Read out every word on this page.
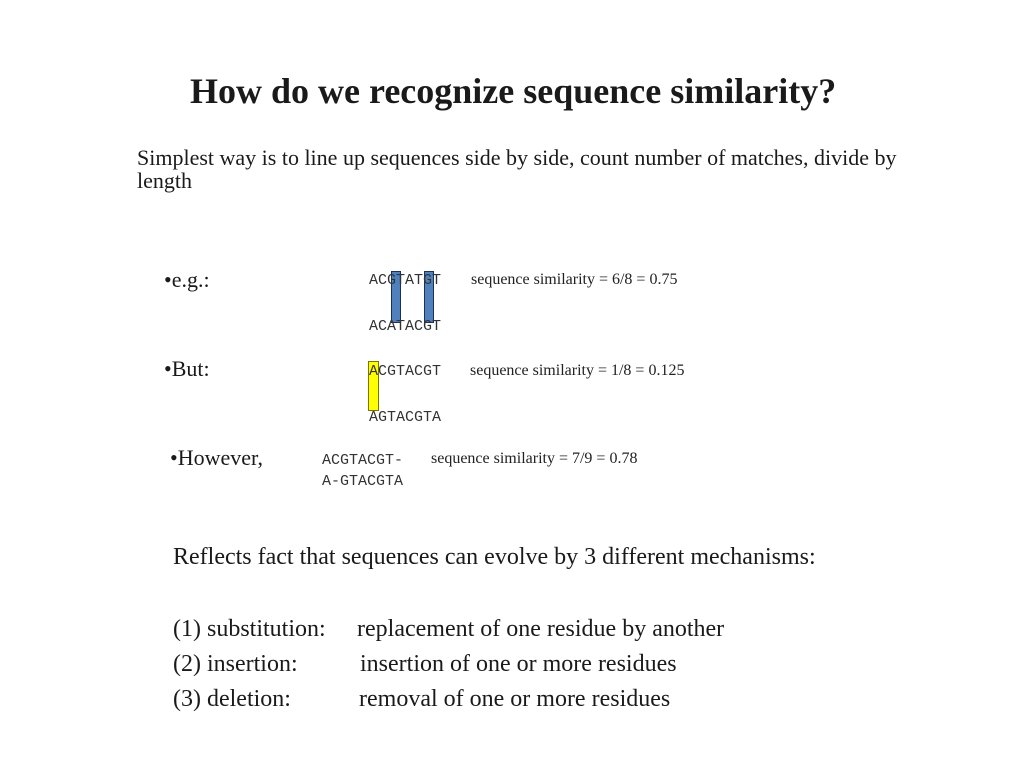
How do we recognize sequence similarity?
Simplest way is to line up sequences side by side, count number of matches, divide by length
•e.g.:	ACGTATGT sequence similarity = 6/8 = 0.75
ACATACGT
•But:	ACGTACGT sequence similarity = 1/8 = 0.125
AGTACGTA
•However,	ACGTACGT- sequence similarity = 7/9 = 0.78
A-GTACGTA
Reflects fact that sequences can evolve by 3 different mechanisms:
(1) substitution: replacement of one residue by another
(2) insertion:	insertion of one or more residues
(3) deletion:	removal of one or more residues
